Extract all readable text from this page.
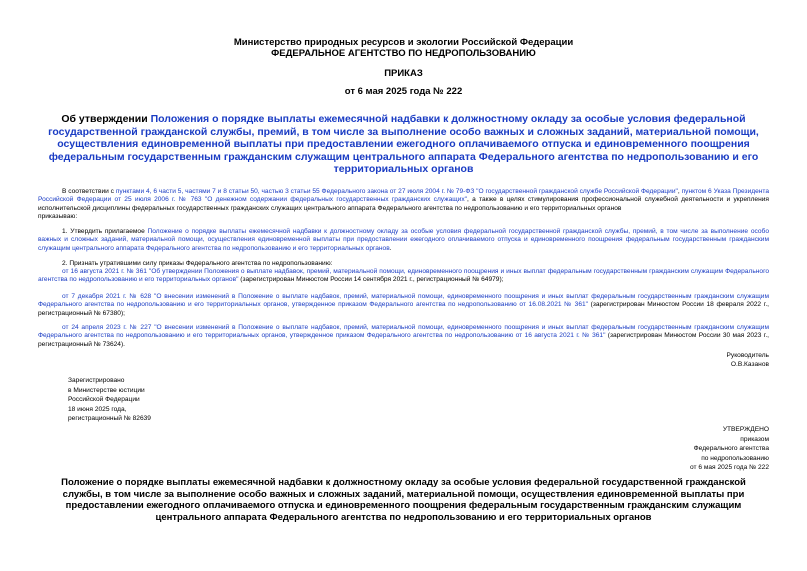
Министерство природных ресурсов и экологии Российской Федерации
ФЕДЕРАЛЬНОЕ АГЕНТСТВО ПО НЕДРОПОЛЬЗОВАНИЮ
ПРИКАЗ
от 6 мая 2025 года № 222
Об утверждении Положения о порядке выплаты ежемесячной надбавки к должностному окладу за особые условия федеральной государственной гражданской службы, премий, в том числе за выполнение особо важных и сложных заданий, материальной помощи, осуществления единовременной выплаты при предоставлении ежегодного оплачиваемого отпуска и единовременного поощрения федеральным государственным гражданским служащим центрального аппарата Федерального агентства по недропользованию и его территориальных органов

В соответствии с пунктами 4, 6 части 5, частями 7 и 8 статьи 50, частью 3 статьи 55 Федерального закона от 27 июля 2004 г. № 79-ФЗ "О государственной гражданской службе Российской Федерации", пунктом 6 Указа Президента Российской Федерации от 25 июля 2006 г. № 763 "О денежном содержании федеральных государственных гражданских служащих", а также в целях стимулирования профессиональной служебной деятельности и укрепления исполнительской дисциплины федеральных государственных гражданских служащих центрального аппарата Федерального агентства по недропользованию и его территориальных органов

приказываю:

1. Утвердить прилагаемое Положение о порядке выплаты ежемесячной надбавки к должностному окладу за особые условия федеральной государственной гражданской службы, премий, в том числе за выполнение особо важных и сложных заданий, материальной помощи, осуществления единовременной выплаты при предоставлении ежегодного оплачиваемого отпуска и единовременного поощрения федеральным государственным гражданским служащим центрального аппарата Федерального агентства по недропользованию и его территориальных органов.

2. Признать утратившими силу приказы Федерального агентства по недропользованию:

от 16 августа 2021 г. № 361 "Об утверждении Положения о выплате надбавок, премий, материальной помощи, единовременного поощрения и иных выплат федеральным государственным гражданским служащим Федерального агентства по недропользованию и его территориальных органов" (зарегистрирован Минюстом России 14 сентября 2021 г., регистрационный № 64979);

от 7 декабря 2021 г. № 628 "О внесении изменений в Положение о выплате надбавок, премий, материальной помощи, единовременного поощрения и иных выплат федеральным государственным гражданским служащим Федерального агентства по недропользованию и его территориальных органов, утвержденное приказом Федерального агентства по недропользованию от 16.08.2021 № 361" (зарегистрирован Минюстом России 18 февраля 2022 г., регистрационный № 67380);

от 24 апреля 2023 г. № 227 "О внесении изменений в Положение о выплате надбавок, премий, материальной помощи, единовременного поощрения и иных выплат федеральным государственным гражданским служащим Федерального агентства по недропользованию и его территориальных органов, утвержденное приказом Федерального агентства по недропользованию от 16 августа 2021 г. № 361" (зарегистрирован Минюстом России 30 мая 2023 г., регистрационный № 73624).

Руководитель
О.В.Казанов
Зарегистрировано
в Министерстве юстиции
Российской Федерации
18 июня 2025 года,
регистрационный № 82639
УТВЕРЖДЕНО
приказом
Федерального агентства
по недропользованию
от 6 мая 2025 года № 222
Положение о порядке выплаты ежемесячной надбавки к должностному окладу за особые условия федеральной государственной гражданской службы, в том числе за выполнение особо важных и сложных заданий, материальной помощи, осуществления единовременной выплаты при предоставлении ежегодного оплачиваемого отпуска и единовременного поощрения федеральным государственным гражданским служащим центрального аппарата Федерального агентства по недропользованию и его территориальных органов
